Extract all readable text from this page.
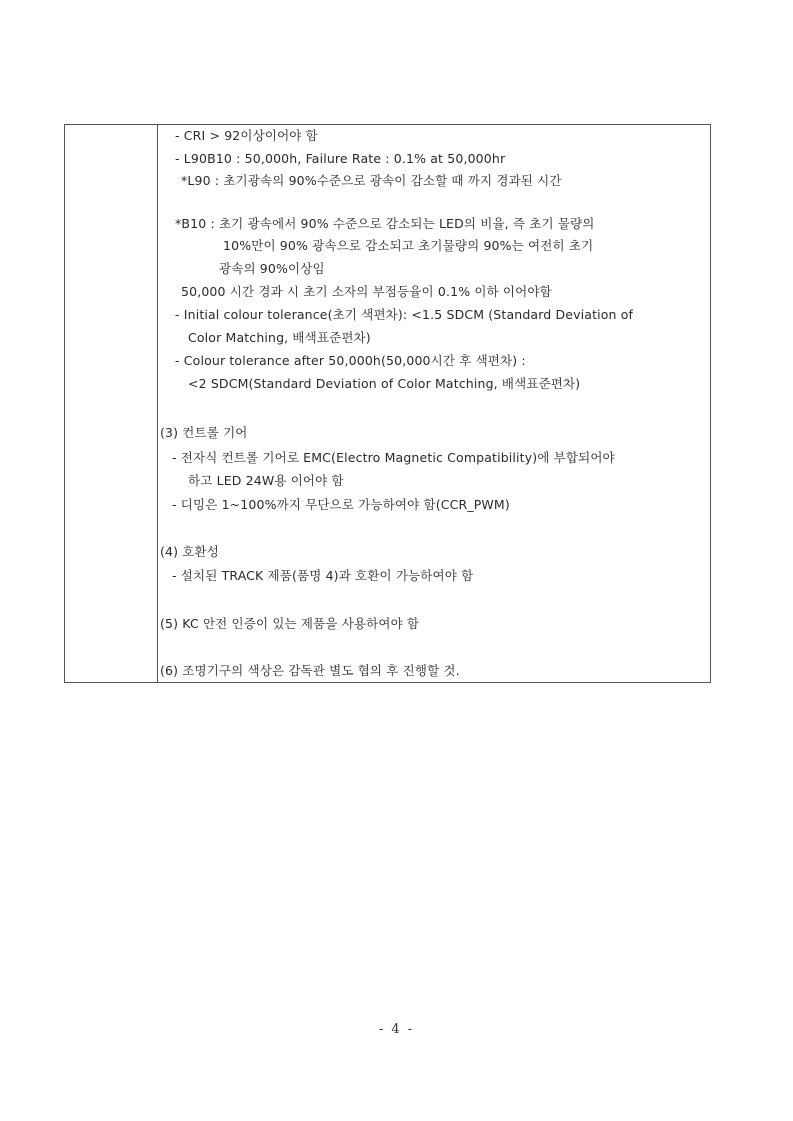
- CRI > 92이상이어야 함
- L90B10 : 50,000h, Failure Rate : 0.1% at 50,000hr
*L90 : 초기광속의 90%수준으로 광속이 감소할 때 까지 경과된 시간
*B10 : 초기 광속에서 90% 수준으로 감소되는 LED의 비율, 즉 초기 물량의
10%만이 90% 광속으로 감소되고 초기물량의 90%는 여전히 초기
광속의 90%이상임
50,000 시간 경과 시 초기 소자의 부점등율이 0.1% 이하 이어야함
- Initial colour tolerance(초기 색편차): <1.5 SDCM (Standard Deviation of
Color Matching, 배색표준편차)
- Colour tolerance after 50,000h(50,000시간 후 색편차) :
<2 SDCM(Standard Deviation of Color Matching, 배색표준편차)
(3) 컨트롤 기어
- 전자식 컨트롤 기어로 EMC(Electro Magnetic Compatibility)에 부합되어야
하고 LED 24W용 이어야 함
- 디밍은 1~100%까지 무단으로 가능하여야 함(CCR_PWM)
(4) 호환성
- 설치된 TRACK 제품(품명 4)과 호환이 가능하여야 함
(5) KC 안전 인증이 있는 제품을 사용하여야 함
(6) 조명기구의 색상은 감독관 별도 협의 후 진행할 것.
- 4 -
